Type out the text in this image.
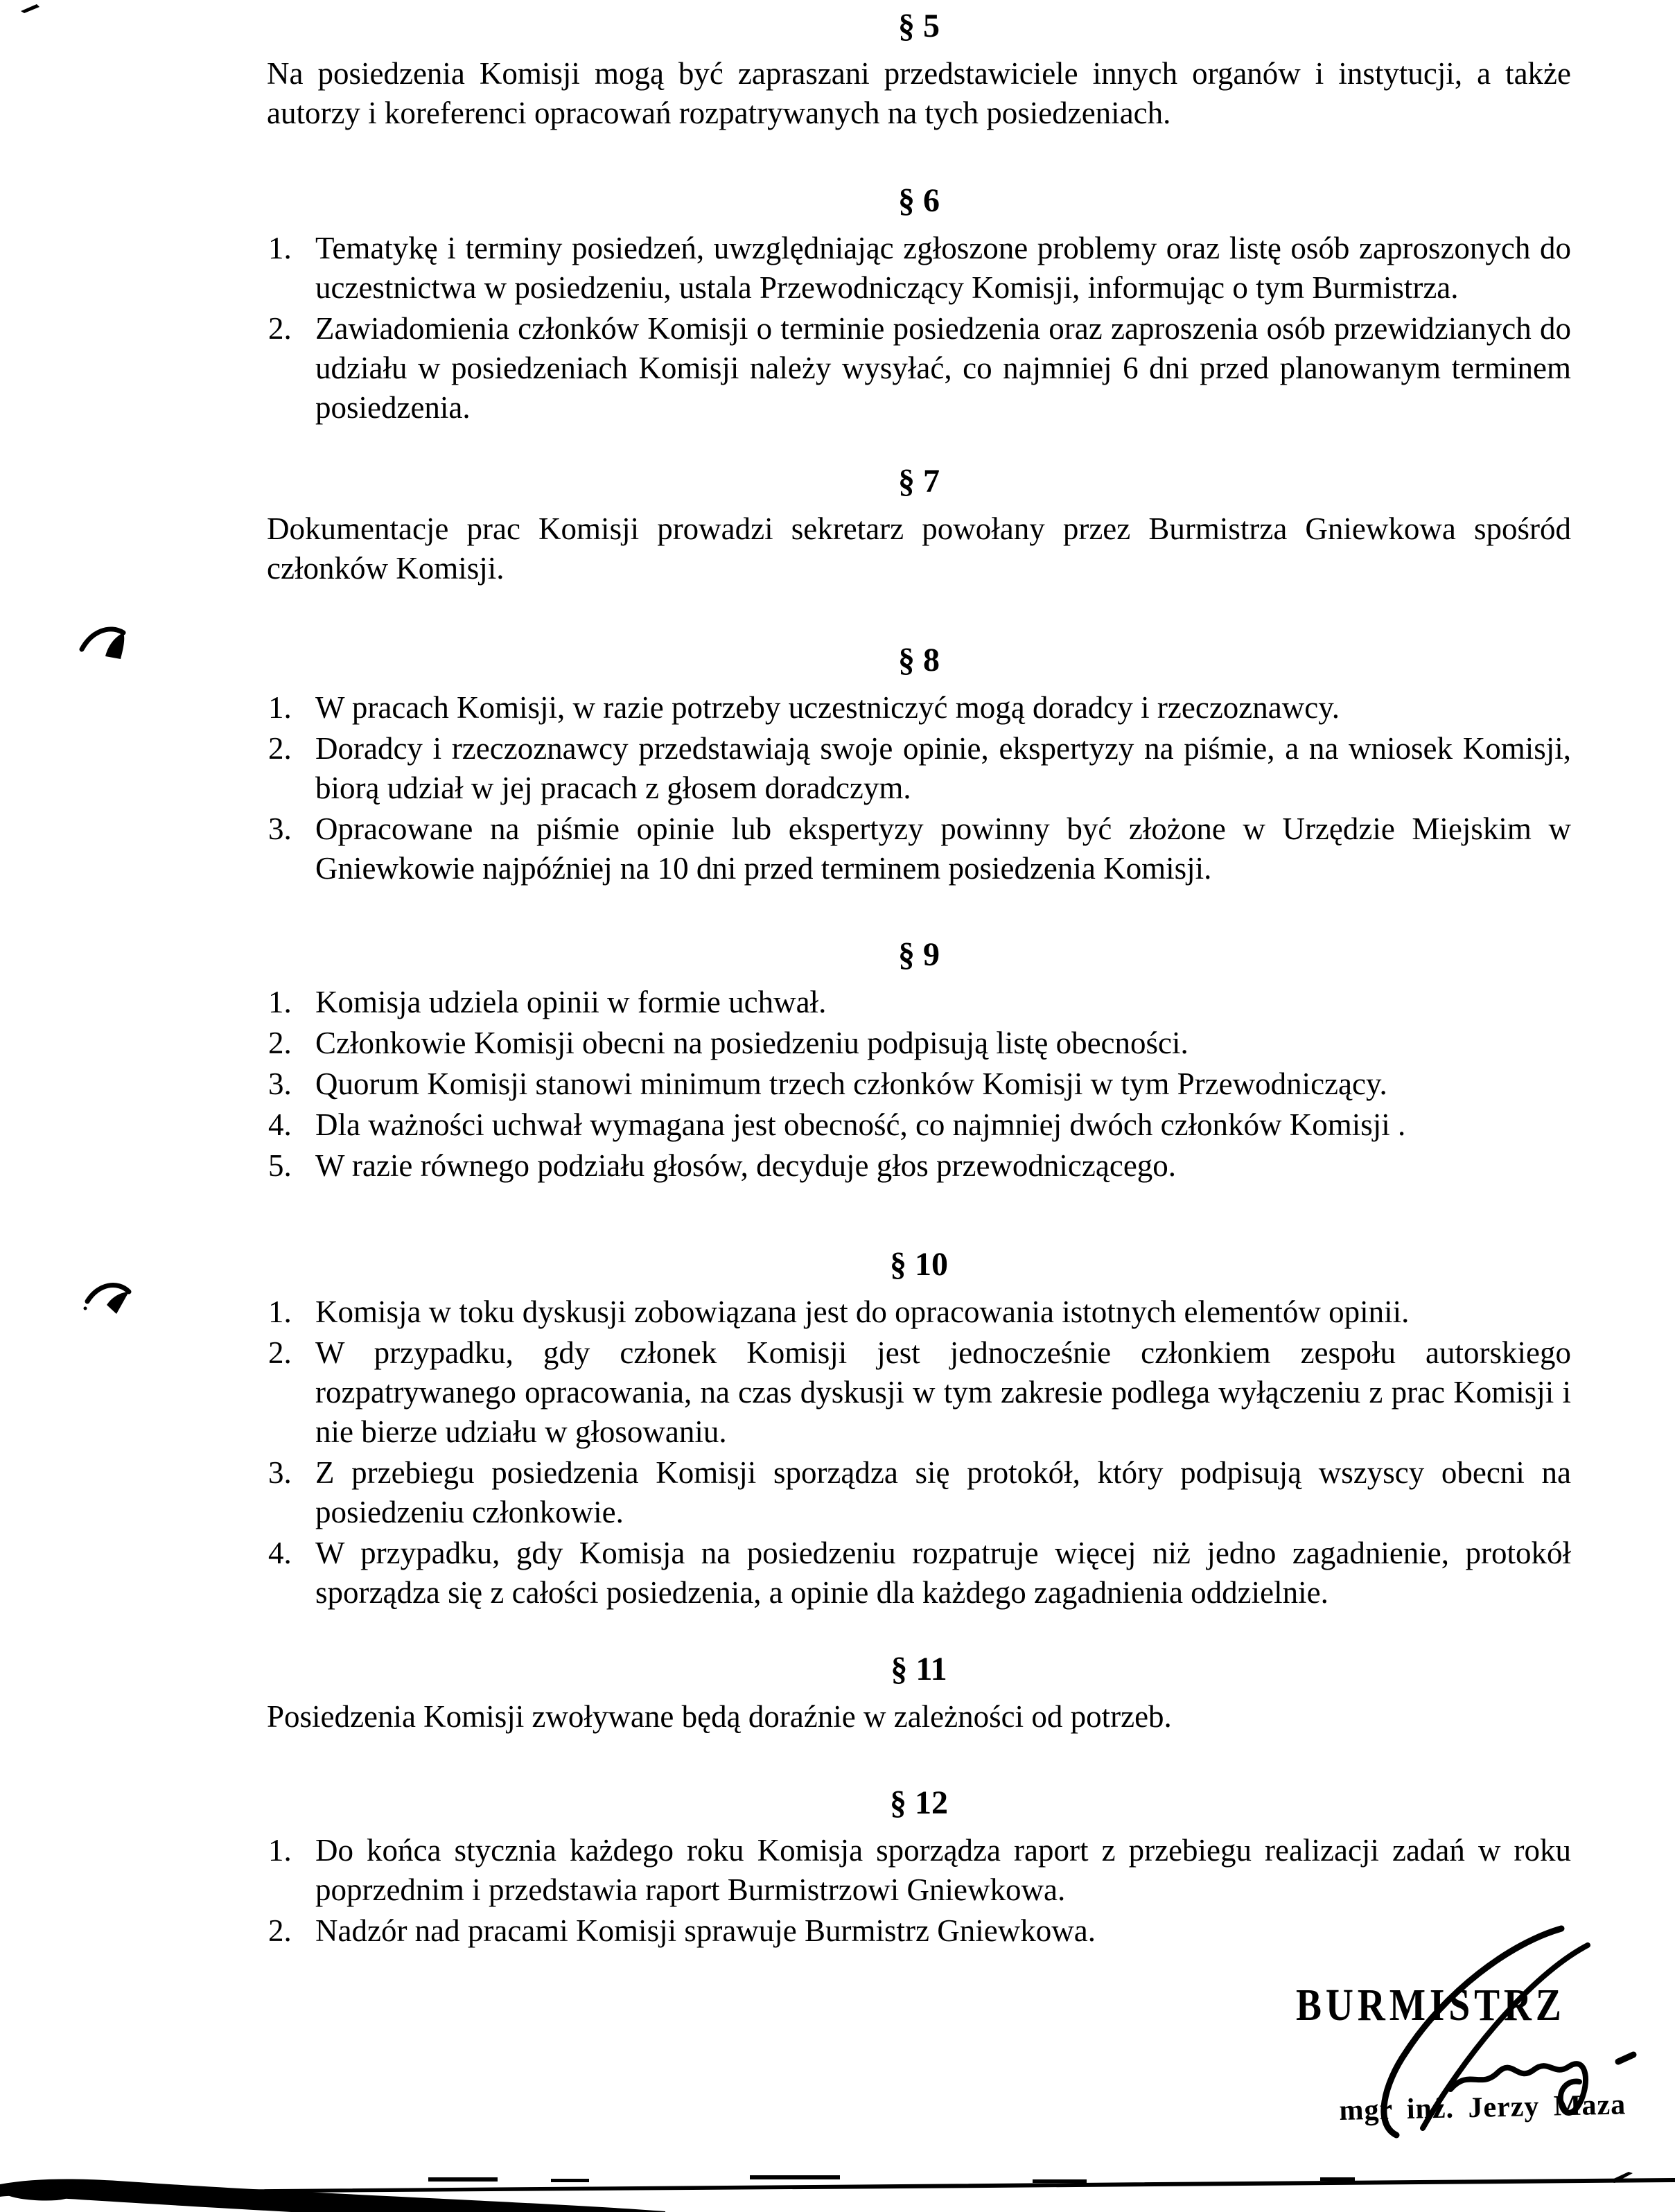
§ 5

Na posiedzenia Komisji mogą być zapraszani przedstawiciele innych organów i instytucji, a także autorzy i koreferenci opracowań rozpatrywanych na tych posiedzeniach.

§ 6
Tematykę i terminy posiedzeń, uwzględniając zgłoszone problemy oraz listę osób zaproszonych do uczestnictwa w posiedzeniu, ustala Przewodniczący Komisji, informując o tym Burmistrza.
Zawiadomienia członków Komisji o terminie posiedzenia oraz zaproszenia osób przewidzianych do udziału w posiedzeniach Komisji należy wysyłać, co najmniej 6 dni przed planowanym terminem posiedzenia.
§ 7

Dokumentacje prac Komisji prowadzi sekretarz powołany przez Burmistrza Gniewkowa spośród członków Komisji.

§ 8
W pracach Komisji, w razie potrzeby uczestniczyć mogą doradcy i rzeczoznawcy.
Doradcy i rzeczoznawcy przedstawiają swoje opinie, ekspertyzy na piśmie, a na wniosek Komisji, biorą udział w jej pracach z głosem doradczym.
Opracowane na piśmie opinie lub ekspertyzy powinny być złożone w Urzędzie Miejskim w Gniewkowie najpóźniej na 10 dni przed terminem posiedzenia Komisji.
§ 9
Komisja udziela opinii w formie uchwał.
Członkowie Komisji obecni na posiedzeniu podpisują listę obecności.
Quorum Komisji stanowi minimum trzech członków Komisji w tym Przewodniczący.
Dla ważności uchwał wymagana jest obecność, co najmniej dwóch członków Komisji .
W razie równego podziału głosów, decyduje głos przewodniczącego.
§ 10
Komisja w toku dyskusji zobowiązana jest do opracowania istotnych elementów opinii.
W przypadku, gdy członek Komisji jest jednocześnie członkiem zespołu autorskiego rozpatrywanego opracowania, na czas dyskusji w tym zakresie podlega wyłączeniu z prac Komisji i nie bierze udziału w głosowaniu.
Z przebiegu posiedzenia Komisji sporządza się protokół, który podpisują wszyscy obecni na posiedzeniu członkowie.
W przypadku, gdy Komisja na posiedzeniu rozpatruje więcej niż jedno zagadnienie, protokół sporządza się z całości posiedzenia, a opinie dla każdego zagadnienia oddzielnie.
§ 11

Posiedzenia Komisji zwoływane będą doraźnie w zależności od potrzeb.

§ 12
Do końca stycznia każdego roku Komisja sporządza raport z przebiegu realizacji zadań w roku poprzednim i przedstawia raport Burmistrzowi Gniewkowa.
Nadzór nad pracami Komisji sprawuje Burmistrz Gniewkowa.
BURMISTRZ
mgr inż. Jerzy Maza
